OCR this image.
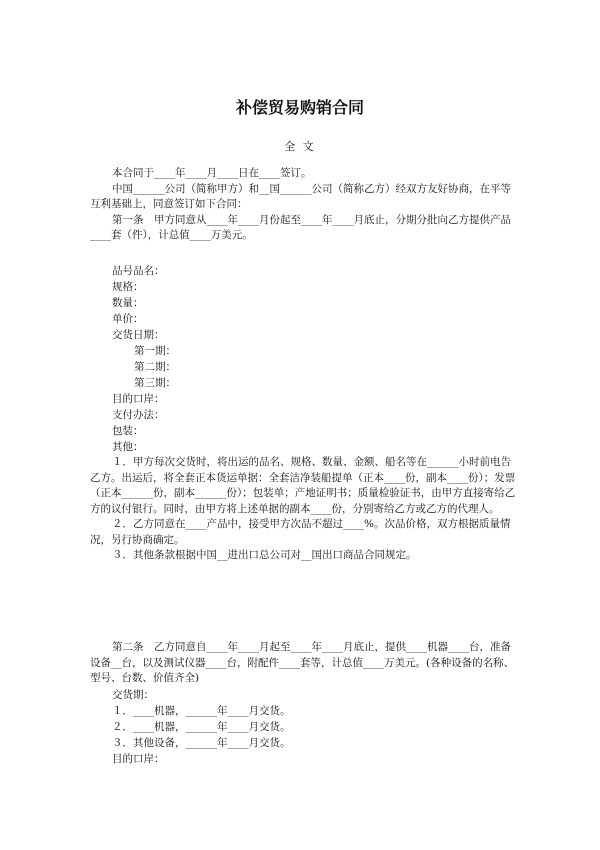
补偿贸易购销合同
全 文

本合同于____年____月____日在____签订。

中国______公司（简称甲方）和__国______公司（简称乙方）经双方友好协商，在平等互利基础上，同意签订如下合同：

第一条　甲方同意从____年____月份起至____年____月底止，分期分批向乙方提供产品____套（件），计总值____万美元。

品号品名：
规格：
数量：
单价：
交货日期：
第一期：
第二期：
第三期：
目的口岸：
支付办法：
包装：
其他：

１．甲方每次交货时，将出运的品名、规格、数量、金额、船名等在______小时前电告乙方。出运后，将全套正本货运单据：全套洁净装船提单（正本____份，副本____份）；发票（正本______份，副本______份）；包装单；产地证明书；质量检验证书，由甲方直接寄给乙方的议付银行。同时，由甲方将上述单据的副本____份，分别寄给乙方或乙方的代理人。

２．乙方同意在____产品中，接受甲方次品不超过____%。次品价格，双方根据质量情况，另行协商确定。

３．其他条款根据中国__进出口总公司对__国出口商品合同规定。

第二条　乙方同意自____年____月起至____年____月底止，提供____机器____台，准备设备__台，以及测试仪器____台，附配件____套等，计总值____万美元。(各种设备的名称、型号、台数、价值齐全)

交货期：
１．____机器，______年____月交货。
２．____机器，______年____月交货。
３．其他设备，______年____月交货。
目的口岸：
